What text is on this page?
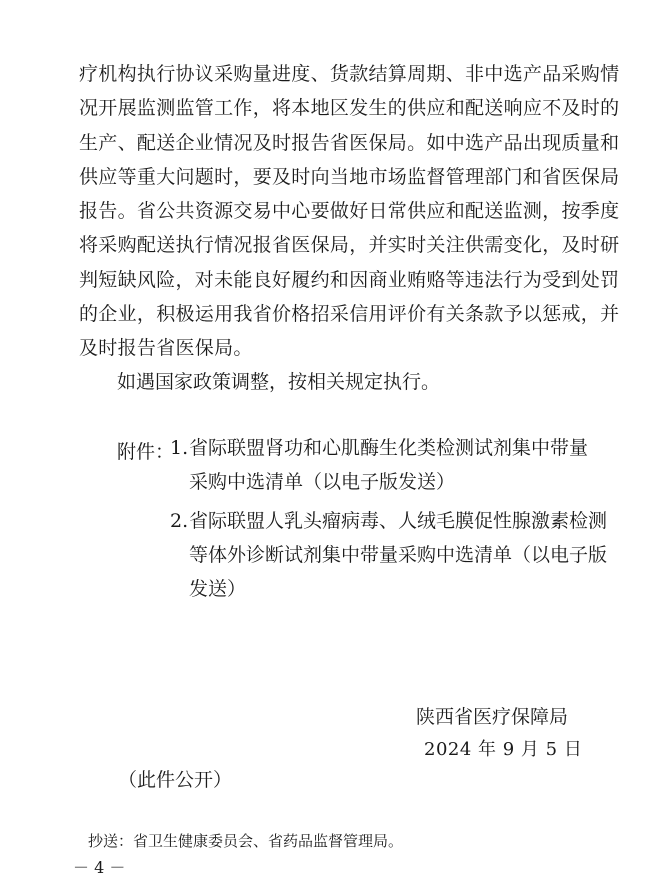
疗机构执行协议采购量进度、货款结算周期、非中选产品采购情
况开展监测监管工作，将本地区发生的供应和配送响应不及时的
生产、配送企业情况及时报告省医保局。如中选产品出现质量和
供应等重大问题时，要及时向当地市场监督管理部门和省医保局
报告。省公共资源交易中心要做好日常供应和配送监测，按季度
将采购配送执行情况报省医保局，并实时关注供需变化，及时研
判短缺风险，对未能良好履约和因商业贿赂等违法行为受到处罚
的企业，积极运用我省价格招采信用评价有关条款予以惩戒，并
及时报告省医保局。
如遇国家政策调整，按相关规定执行。
附件：
1. 省际联盟肾功和心肌酶生化类检测试剂集中带量
采购中选清单（以电子版发送）
2. 省际联盟人乳头瘤病毒、人绒毛膜促性腺激素检测
等体外诊断试剂集中带量采购中选清单（以电子版
发送）
陕西省医疗保障局
2024 年 9 月 5 日
（此件公开）
抄送：省卫生健康委员会、省药品监督管理局。
－ 4 －
